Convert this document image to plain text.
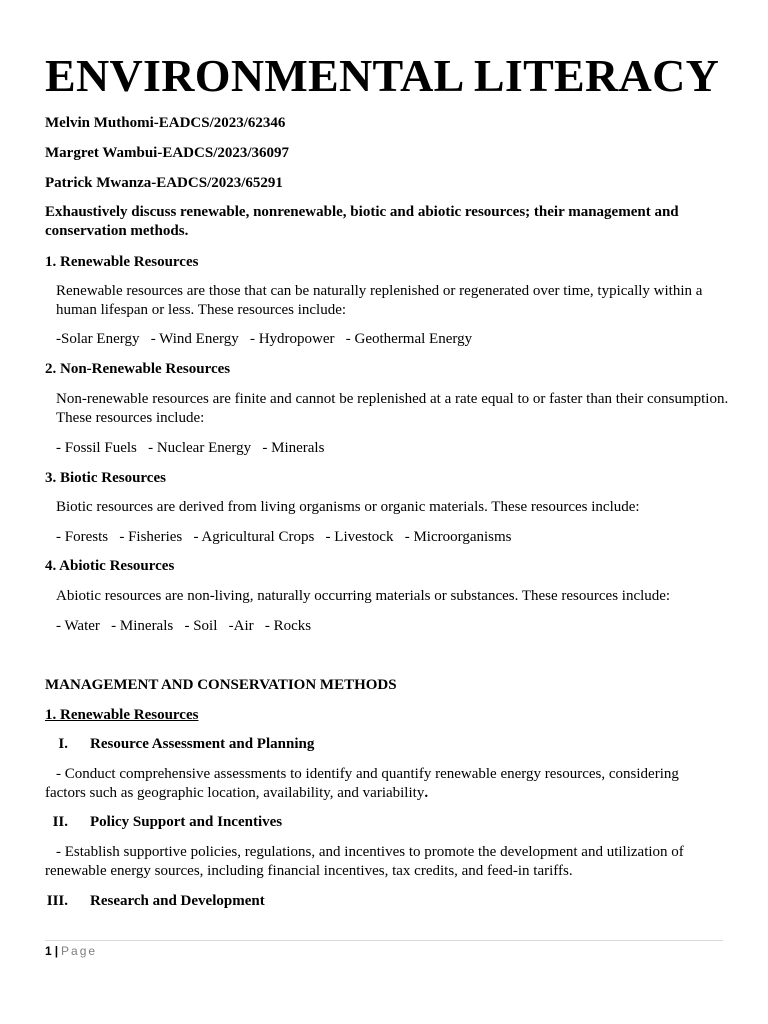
ENVIRONMENTAL LITERACY
Melvin Muthomi-EADCS/2023/62346
Margret Wambui-EADCS/2023/36097
Patrick Mwanza-EADCS/2023/65291
Exhaustively discuss renewable, nonrenewable, biotic and abiotic resources; their management and conservation methods.
1. Renewable Resources
Renewable resources are those that can be naturally replenished or regenerated over time, typically within a human lifespan or less. These resources include:
-Solar Energy   - Wind Energy   - Hydropower   - Geothermal Energy
2. Non-Renewable Resources
Non-renewable resources are finite and cannot be replenished at a rate equal to or faster than their consumption. These resources include:
- Fossil Fuels   - Nuclear Energy   - Minerals
3. Biotic Resources
Biotic resources are derived from living organisms or organic materials. These resources include:
- Forests   - Fisheries   - Agricultural Crops   - Livestock   - Microorganisms
4. Abiotic Resources
Abiotic resources are non-living, naturally occurring materials or substances. These resources include:
- Water   - Minerals   - Soil   -Air   - Rocks
MANAGEMENT AND CONSERVATION METHODS
1. Renewable Resources
I. Resource Assessment and Planning
- Conduct comprehensive assessments to identify and quantify renewable energy resources, considering factors such as geographic location, availability, and variability.
II. Policy Support and Incentives
- Establish supportive policies, regulations, and incentives to promote the development and utilization of renewable energy sources, including financial incentives, tax credits, and feed-in tariffs.
III. Research and Development
1 | Page
